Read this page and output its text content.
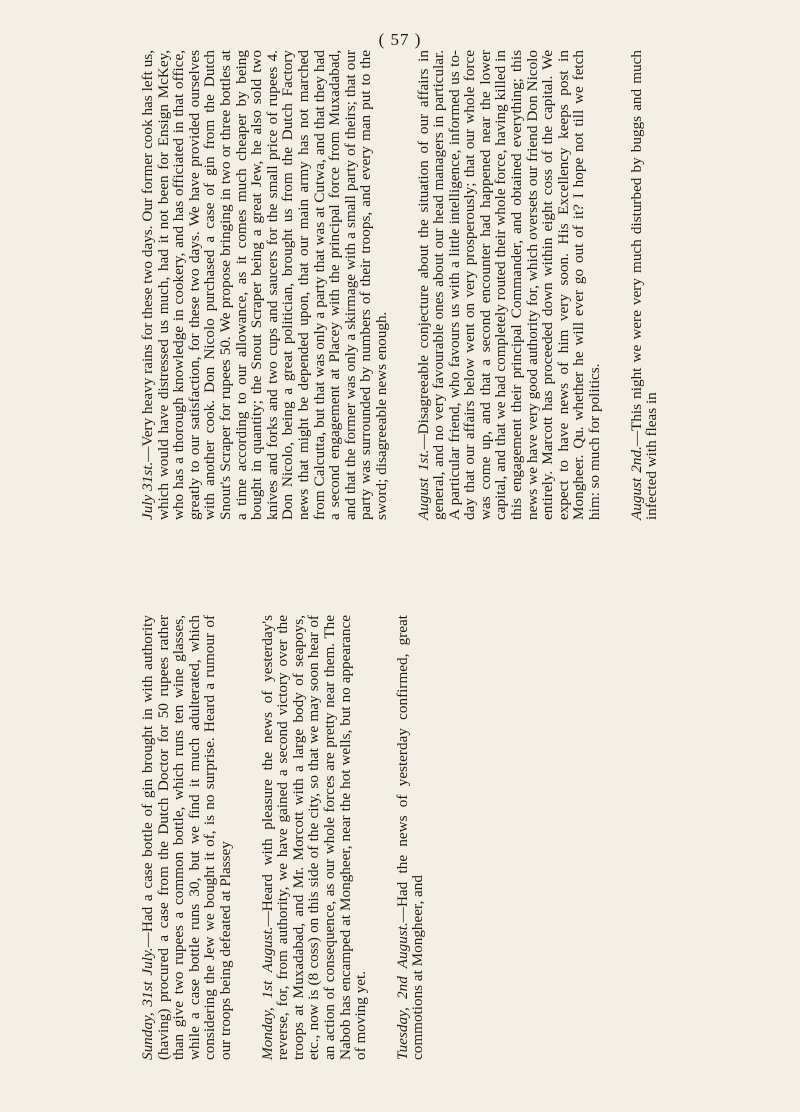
( 57 )

Sunday, 31st July.—Had a case bottle of gin brought in with authority (having) procured a case from the Dutch Doctor for 50 rupees rather than give two rupees a common bottle, which runs ten wine glasses, while a case bottle runs 30, but we find it much adulterated, which considering the Jew we bought it of, is no surprise. Heard a rumour of our troops being defeated at Plassey Monday, 1st August.—Heard with pleasure the news of yesterday's reverse, for, from authority, we have gained a second victory over the troops at Muxadabad, and Mr. Morcott with a large body of seapoys, etc., now is (8 coss) on this side of the city, so that we may soon hear of an action of consequence, as our whole forces are pretty near them. The Nabob has encamped at Mongheer, near the hot wells, but no appearance of moving yet. Tuesday, 2nd August.—Had the news of yesterday confirmed, great commotions at Mongheer, and

July 31st.—Very heavy rains for these two days. Our former cook has left us, which would have distressed us much, had it not been for Ensign McKey, who has a thorough knowledge in cookery, and has officiated in that office, greatly to our satisfaction, for these two days. We have provided ourselves with another cook. Don Nicolo purchased a case of gin from the Dutch Snout's Scraper for rupees 50. We propose bringing in two or three bottles at a time according to our allowance, as it comes much cheaper by being bought in quantity; the Snout Scraper being a great Jew, he also sold two knives and forks and two cups and saucers for the small price of rupees 4. Don Nicolo, being a great politician, brought us from the Dutch Factory news that might be depended upon, that our main army has not marched from Calcutta, but that was only a party that was at Cutwa, and that they had a second engagement at Placey with the principal force from Muxadabad, and that the former was only a skirmage with a small party of theirs; that our party was surrounded by numbers of their troops, and every man put to the sword; disagreeable news enough. August 1st.—Disagreeable conjecture about the situation of our affairs in general, and no very favourable ones about our head managers in particular. A particular friend, who favours us with a little intelligence, informed us to-day that our affairs below went on very prosperously; that our whole force was come up, and that a second encounter had happened near the lower capital, and that we had completely routed their whole force, having killed in this engagement their principal Commander, and obtained everything; this news we have very good authority for, which oversets our friend Don Nicolo entirely. Marcott has proceeded down within eight coss of the capital. We expect to have news of him very soon. His Excellency keeps post in Mongheer. Qu. whether he will ever go out of it? I hope not till we fetch him: so much for politics. August 2nd.—This night we were very much disturbed by buggs and much infected with fleas in
